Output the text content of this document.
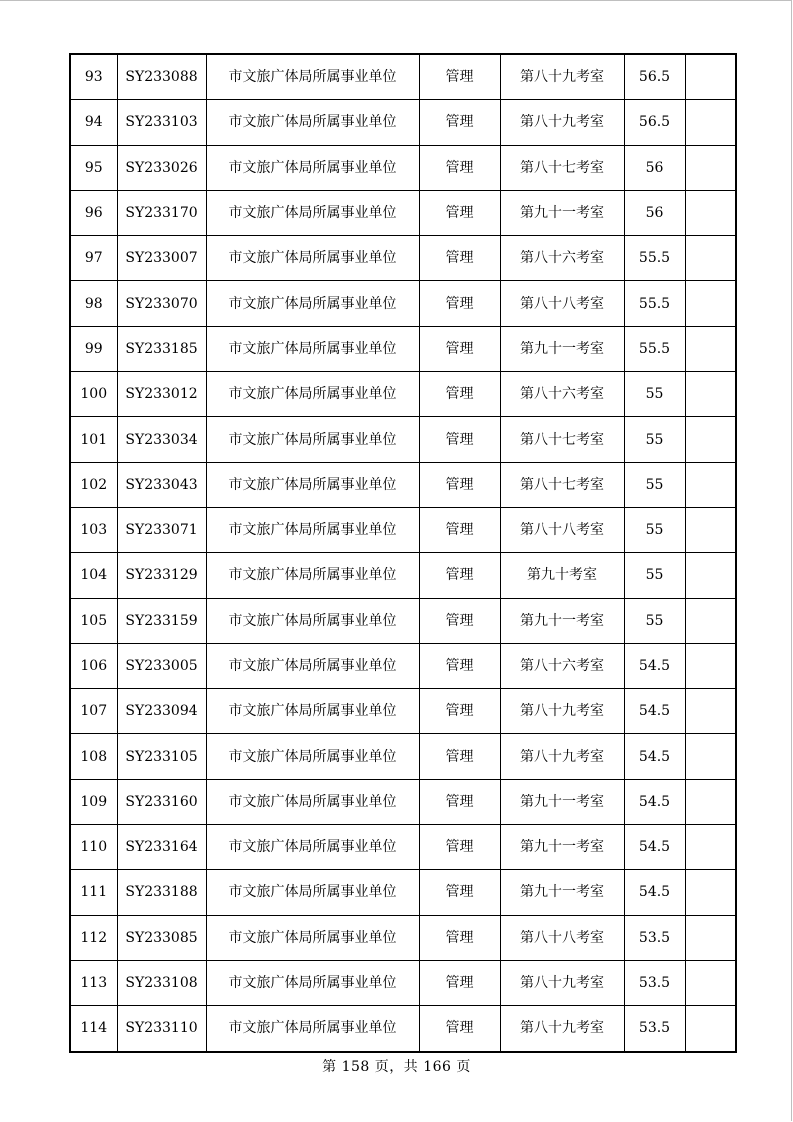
93	SY233088	市文旅广体局所属事业单位	管理	第八十九考室	56.5	
94	SY233103	市文旅广体局所属事业单位	管理	第八十九考室	56.5	
95	SY233026	市文旅广体局所属事业单位	管理	第八十七考室	56	
96	SY233170	市文旅广体局所属事业单位	管理	第九十一考室	56	
97	SY233007	市文旅广体局所属事业单位	管理	第八十六考室	55.5	
98	SY233070	市文旅广体局所属事业单位	管理	第八十八考室	55.5	
99	SY233185	市文旅广体局所属事业单位	管理	第九十一考室	55.5	
100	SY233012	市文旅广体局所属事业单位	管理	第八十六考室	55	
101	SY233034	市文旅广体局所属事业单位	管理	第八十七考室	55	
102	SY233043	市文旅广体局所属事业单位	管理	第八十七考室	55	
103	SY233071	市文旅广体局所属事业单位	管理	第八十八考室	55	
104	SY233129	市文旅广体局所属事业单位	管理	第九十考室	55	
105	SY233159	市文旅广体局所属事业单位	管理	第九十一考室	55	
106	SY233005	市文旅广体局所属事业单位	管理	第八十六考室	54.5	
107	SY233094	市文旅广体局所属事业单位	管理	第八十九考室	54.5	
108	SY233105	市文旅广体局所属事业单位	管理	第八十九考室	54.5	
109	SY233160	市文旅广体局所属事业单位	管理	第九十一考室	54.5	
110	SY233164	市文旅广体局所属事业单位	管理	第九十一考室	54.5	
111	SY233188	市文旅广体局所属事业单位	管理	第九十一考室	54.5	
112	SY233085	市文旅广体局所属事业单位	管理	第八十八考室	53.5	
113	SY233108	市文旅广体局所属事业单位	管理	第八十九考室	53.5	
114	SY233110	市文旅广体局所属事业单位	管理	第八十九考室	53.5	
第 158 页，共 166 页
